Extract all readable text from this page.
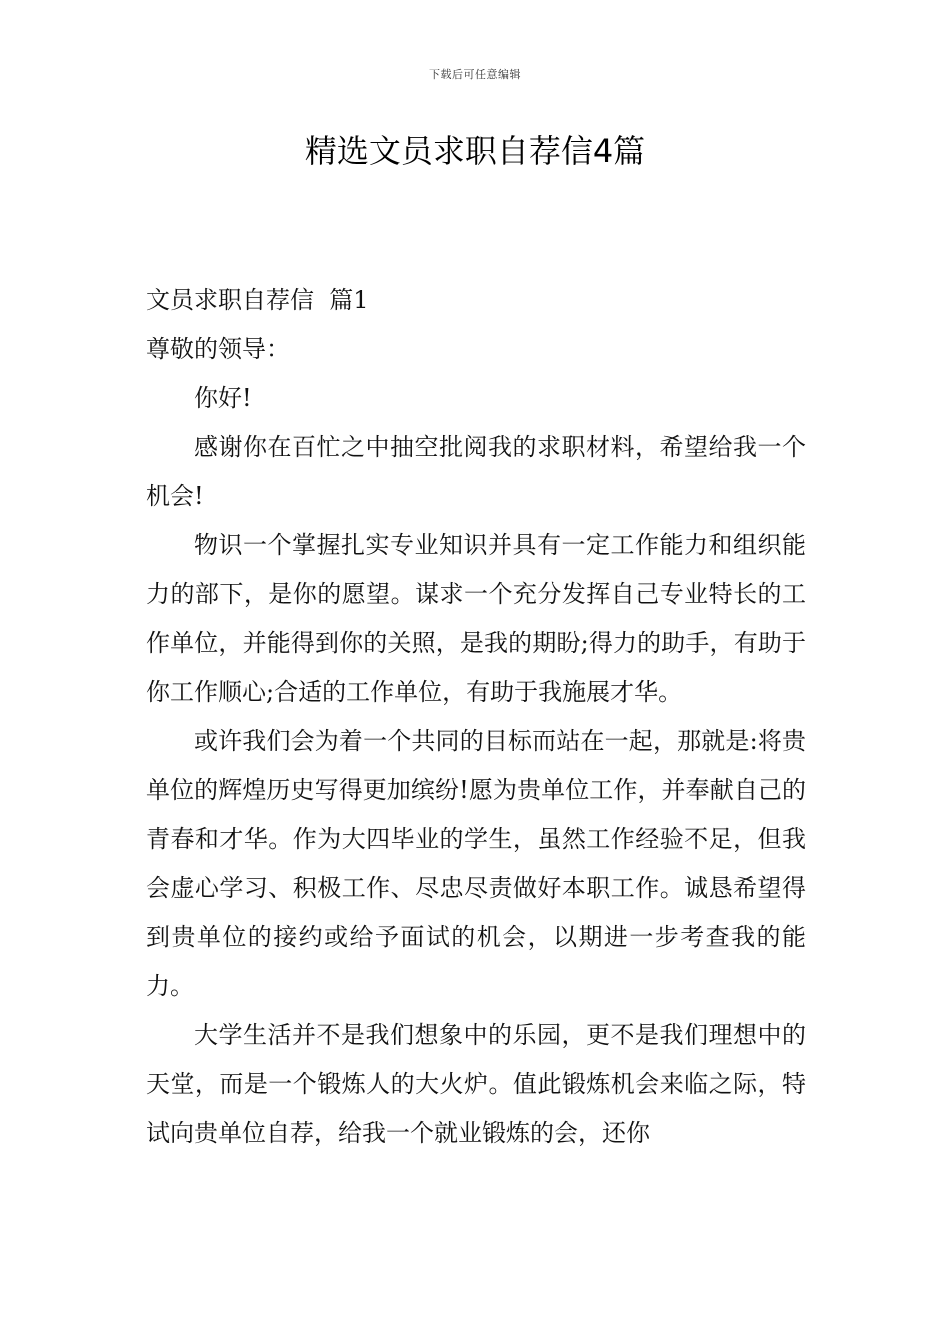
下载后可任意编辑
精选文员求职自荐信4篇

文员求职自荐信  篇1

尊敬的领导：

你好!

感谢你在百忙之中抽空批阅我的求职材料，希望给我一个机会!

物识一个掌握扎实专业知识并具有一定工作能力和组织能力的部下，是你的愿望。谋求一个充分发挥自己专业特长的工作单位，并能得到你的关照，是我的期盼;得力的助手，有助于你工作顺心;合适的工作单位，有助于我施展才华。

或许我们会为着一个共同的目标而站在一起，那就是:将贵单位的辉煌历史写得更加缤纷!愿为贵单位工作，并奉献自己的青春和才华。作为大四毕业的学生，虽然工作经验不足，但我会虚心学习、积极工作、尽忠尽责做好本职工作。诚恳希望得到贵单位的接约或给予面试的机会，以期进一步考查我的能力。

大学生活并不是我们想象中的乐园，更不是我们理想中的天堂，而是一个锻炼人的大火炉。值此锻炼机会来临之际，特试向贵单位自荐，给我一个就业锻炼的会，还你
